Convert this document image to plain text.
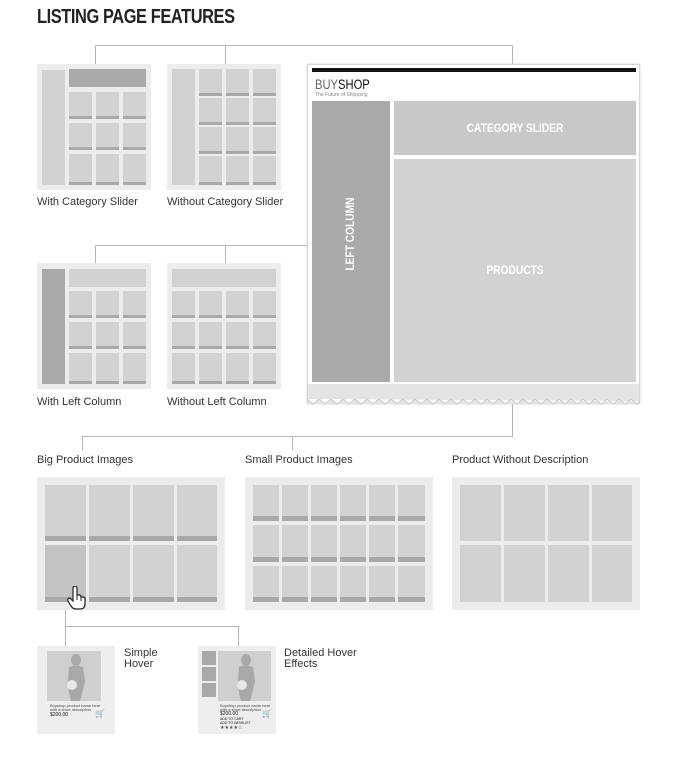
LISTING PAGE FEATURES
With Category Slider	Without Category Slider
With Left Column	Without Left Column
BUYSHOP
The Future of Shopping
LEFT COLUMN
CATEGORY SLIDER
PRODUCTS
Big Product Images	Small Product Images	Product Without Description
Buyshop product name here
with a short description
$200.00	🛒
Simple
Hover
Buyshop product name here
with a short description
$200.00
ADD TO CART
ADD TO WISHLIST
★★★★☆
🛒
Detailed Hover
Effects
